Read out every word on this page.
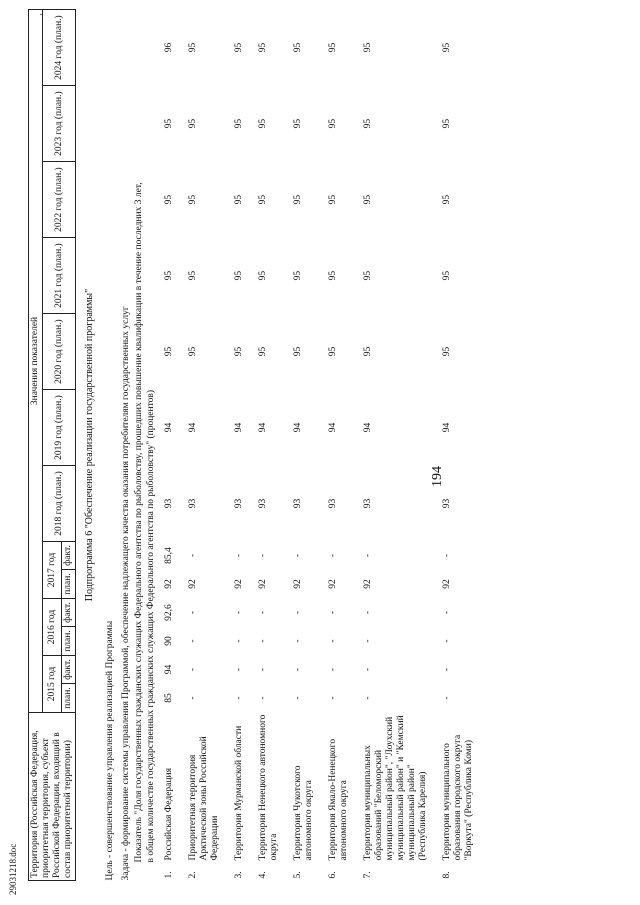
194
29031218.doc Территория (Российская Федерация, приоритетная территория, субъект Российской Федерации, входящий в состав приоритетной территории)		Значения показателей												
		2015 год		2016 год		2017 год		2018 год (план.)	2019 год (план.)	2020 год (план.)	2021 год (план.)	2022 год (план.)	2023 год (план.)	2024 год (план.)
		план.	факт.	план.	факт.	план.	факт.							
Подпрограмма 6 "Обеспечение реализации государственной программы"														
Цель - совершенствование управления реализацией Программы														
Задача - формирование системы управления Программой, обеспечение надлежащего качества оказания потребителям государственных услуг														
Показатель "Доля государственных гражданских служащих Федерального агентства по рыболовству, прошедших повышение квалификации в течение последних 3 лет,														
в общем количестве государственных гражданских служащих Федерального агентства по рыболовству" (процентов)														
1.	Российская Федерация	85	94	90	92,6	92	85,4	93	94	95	95	95	95	96
2.	Приоритетная территория Арктической зоны Российской Федерации	-	-	-	-	92	-	93	94	95	95	95	95	95
3.	Территория Мурманской области	-	-	-	-	92	-	93	94	95	95	95	95	95
4.	Территория Ненецкого автономного округа	-	-	-	-	92	-	93	94	95	95	95	95	95
5.	Территория Чукотского автономного округа	-	-	-	-	92	-	93	94	95	95	95	95	95
6.	Территория Ямало-Ненецкого автономного округа	-	-	-	-	92	-	93	94	95	95	95	95	95
7.	Территория муниципальных образований "Беломорский муниципальный район", "Лоухский муниципальный район" и "Кемский муниципальный район" (Республика Карелия)	-	-	-	-	92	-	93	94	95	95	95	95	95
8.	Территория муниципального образования городского округа "Воркута" (Республика Коми)	-	-	-	-	92	-	93	94	95	95	95	95	95
